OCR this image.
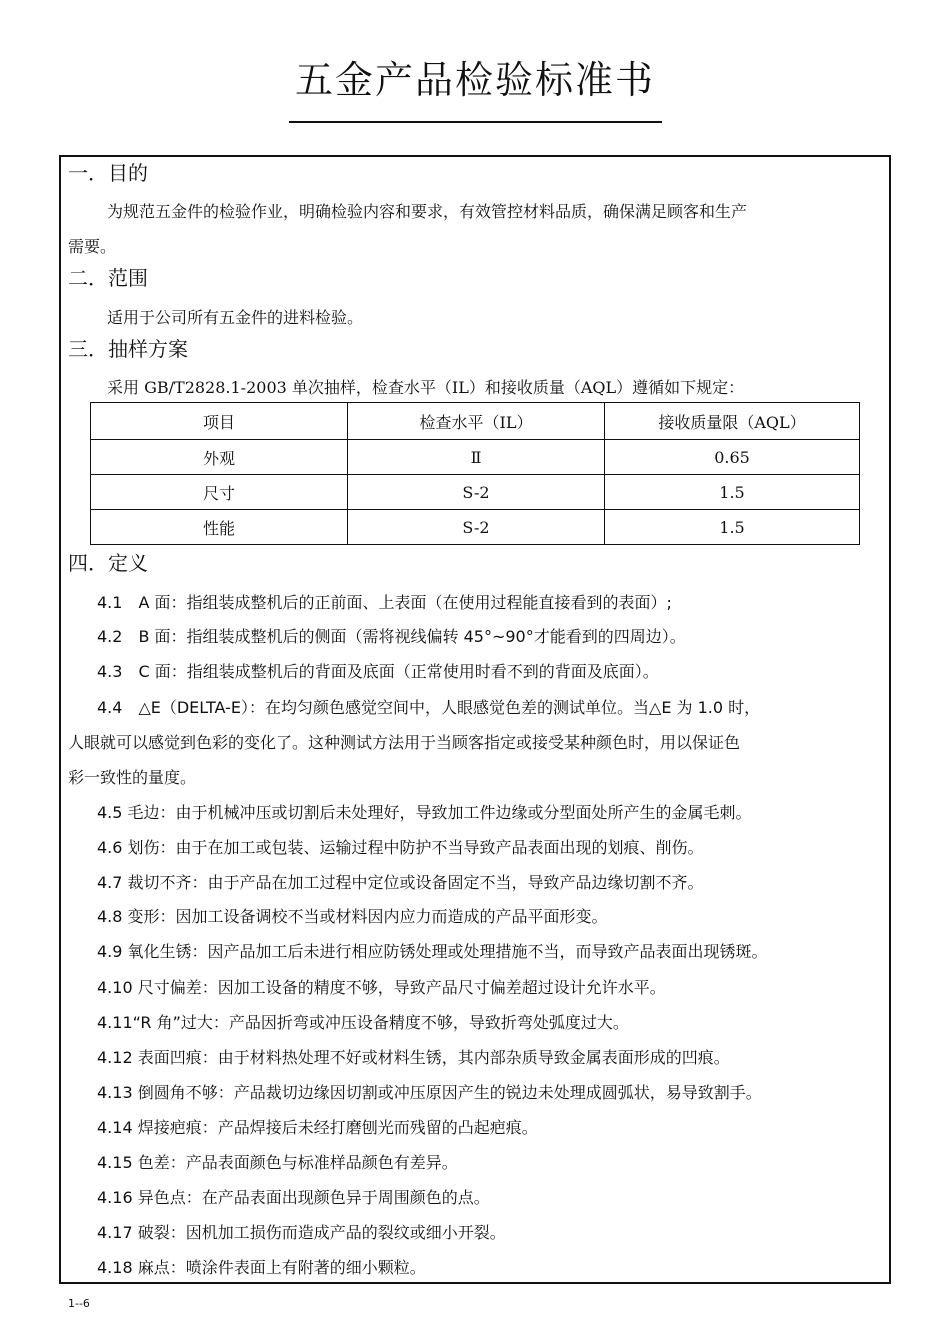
五金产品检验标准书
一．目的
为规范五金件的检验作业，明确检验内容和要求，有效管控材料品质，确保满足顾客和生产
需要。
二．范围
适用于公司所有五金件的进料检验。
三．抽样方案
采用 GB/T2828.1-2003 单次抽样，检查水平（IL）和接收质量（AQL）遵循如下规定：
项目	检查水平（IL）	接收质量限（AQL）
外观	Ⅱ	0.65
尺寸	S-2	1.5
性能	S-2	1.5
四．定义
4.1　A 面：指组装成整机后的正前面、上表面（在使用过程能直接看到的表面）;
4.2　B 面：指组装成整机后的侧面（需将视线偏转 45°~90°才能看到的四周边）。
4.3　C 面：指组装成整机后的背面及底面（正常使用时看不到的背面及底面）。
4.4　△E（DELTA-E）：在均匀颜色感觉空间中，人眼感觉色差的测试单位。当△E 为 1.0 时，
人眼就可以感觉到色彩的变化了。这种测试方法用于当顾客指定或接受某种颜色时，用以保证色
彩一致性的量度。
4.5 毛边：由于机械冲压或切割后未处理好，导致加工件边缘或分型面处所产生的金属毛刺。
4.6 划伤：由于在加工或包装、运输过程中防护不当导致产品表面出现的划痕、削伤。
4.7 裁切不齐：由于产品在加工过程中定位或设备固定不当，导致产品边缘切割不齐。
4.8 变形：因加工设备调校不当或材料因内应力而造成的产品平面形变。
4.9 氧化生锈：因产品加工后未进行相应防锈处理或处理措施不当，而导致产品表面出现锈斑。
4.10 尺寸偏差：因加工设备的精度不够，导致产品尺寸偏差超过设计允许水平。
4.11“R 角”过大：产品因折弯或冲压设备精度不够，导致折弯处弧度过大。
4.12 表面凹痕：由于材料热处理不好或材料生锈，其内部杂质导致金属表面形成的凹痕。
4.13 倒圆角不够：产品裁切边缘因切割或冲压原因产生的锐边未处理成圆弧状，易导致割手。
4.14 焊接疤痕：产品焊接后未经打磨刨光而残留的凸起疤痕。
4.15 色差：产品表面颜色与标准样品颜色有差异。
4.16 异色点：在产品表面出现颜色异于周围颜色的点。
4.17 破裂：因机加工损伤而造成产品的裂纹或细小开裂。
4.18 麻点：喷涂件表面上有附著的细小颗粒。
1--6
